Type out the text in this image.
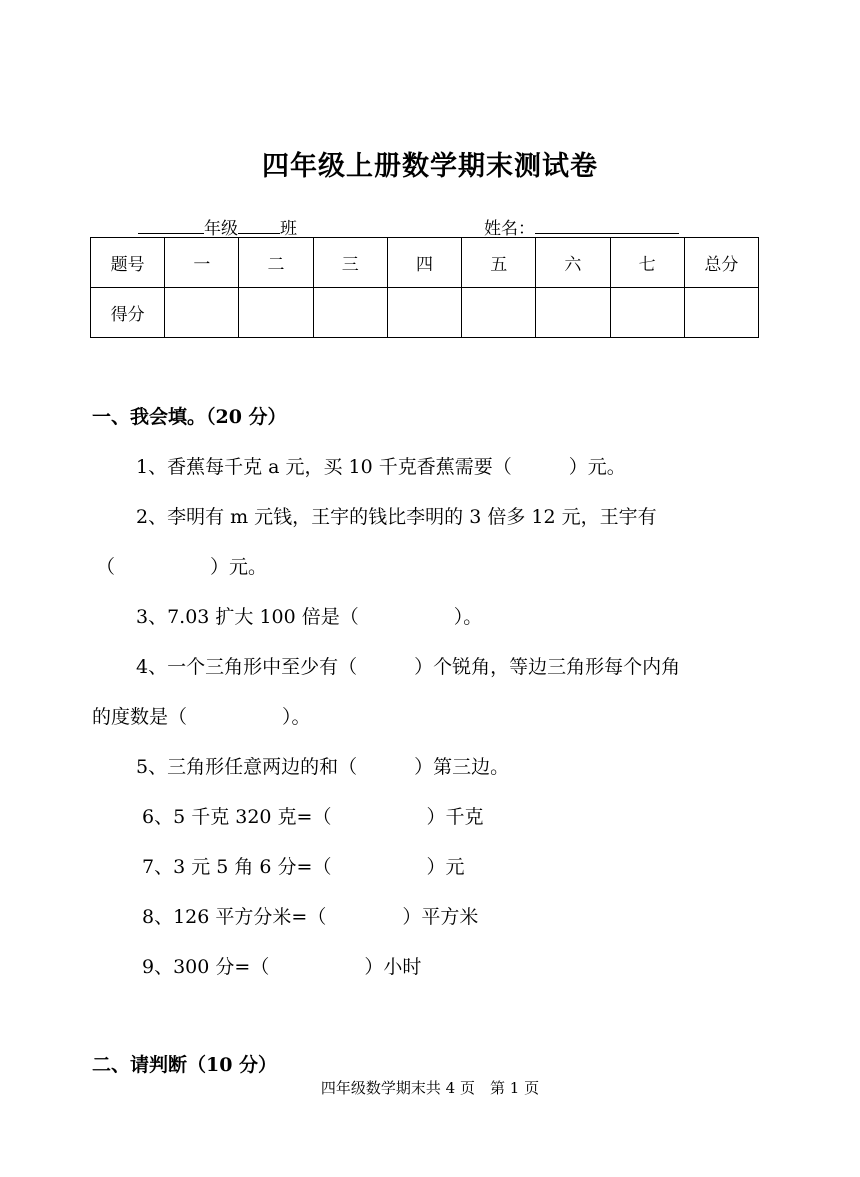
四年级上册数学期末测试卷
年级 班	姓名：
题号	一	二	三	四	五	六	七	总分
得分								
一、我会填。（20 分）
1、香蕉每千克 a 元，买 10 千克香蕉需要（　　　）元。
2、李明有 m 元钱，王宇的钱比李明的 3 倍多 12 元，王宇有
（　　　　　）元。
3、7.03 扩大 100 倍是（　　　　　）。
4、一个三角形中至少有（　　　）个锐角，等边三角形每个内角
的度数是（　　　　　）。
5、三角形任意两边的和（　　　）第三边。
6、5 千克 320 克=（　　　　　）千克
7、3 元 5 角 6 分=（　　　　　）元
8、126 平方分米=（　　　　）平方米
9、300 分=（　　　　　）小时
二、请判断（10 分）
四年级数学期末共 4 页　第 1 页
